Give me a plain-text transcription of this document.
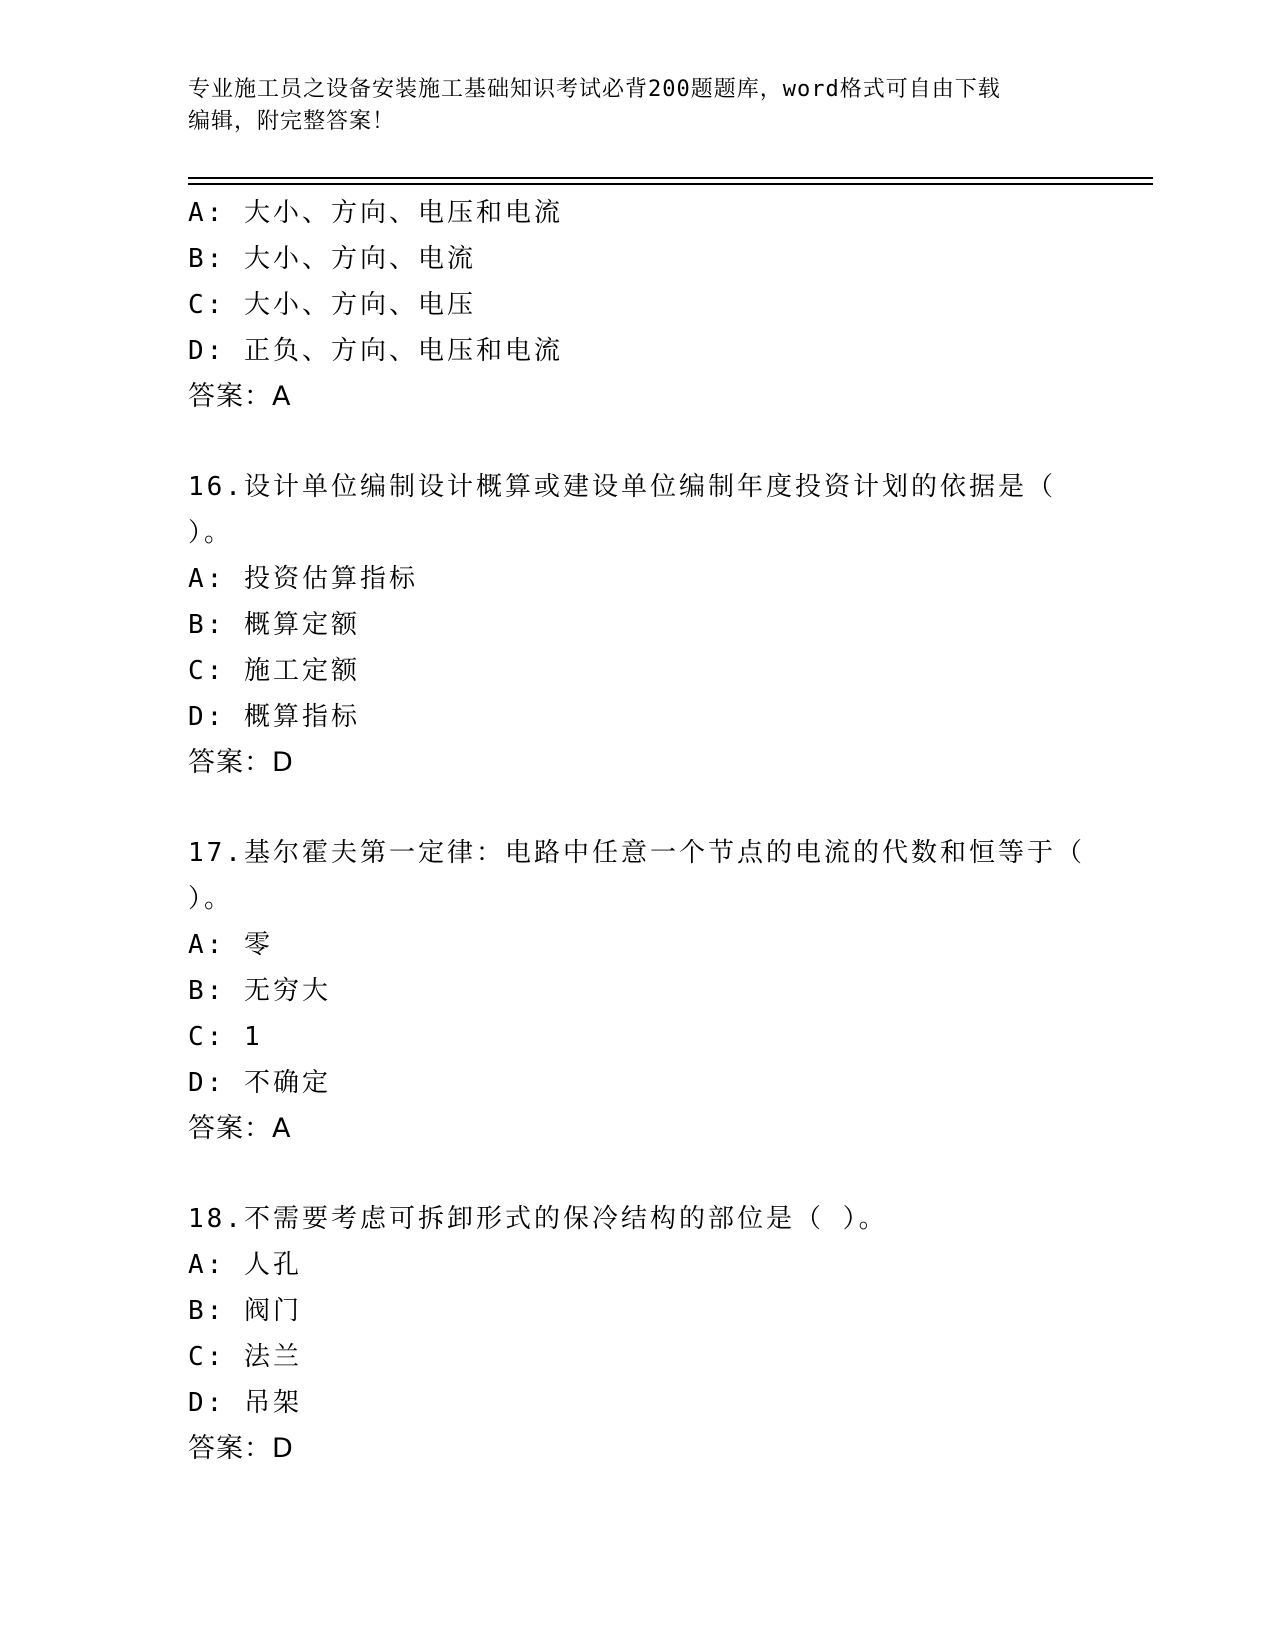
专业施工员之设备安装施工基础知识考试必背200题题库，word格式可自由下载
编辑，附完整答案！
A: 大小、方向、电压和电流
B: 大小、方向、电流
C: 大小、方向、电压
D: 正负、方向、电压和电流
答案：A
16.设计单位编制设计概算或建设单位编制年度投资计划的依据是（
）。
A: 投资估算指标
B: 概算定额
C: 施工定额
D: 概算指标
答案：D
17.基尔霍夫第一定律：电路中任意一个节点的电流的代数和恒等于（
）。
A: 零
B: 无穷大
C: 1
D: 不确定
答案：A
18.不需要考虑可拆卸形式的保冷结构的部位是（ ）。
A: 人孔
B: 阀门
C: 法兰
D: 吊架
答案：D
